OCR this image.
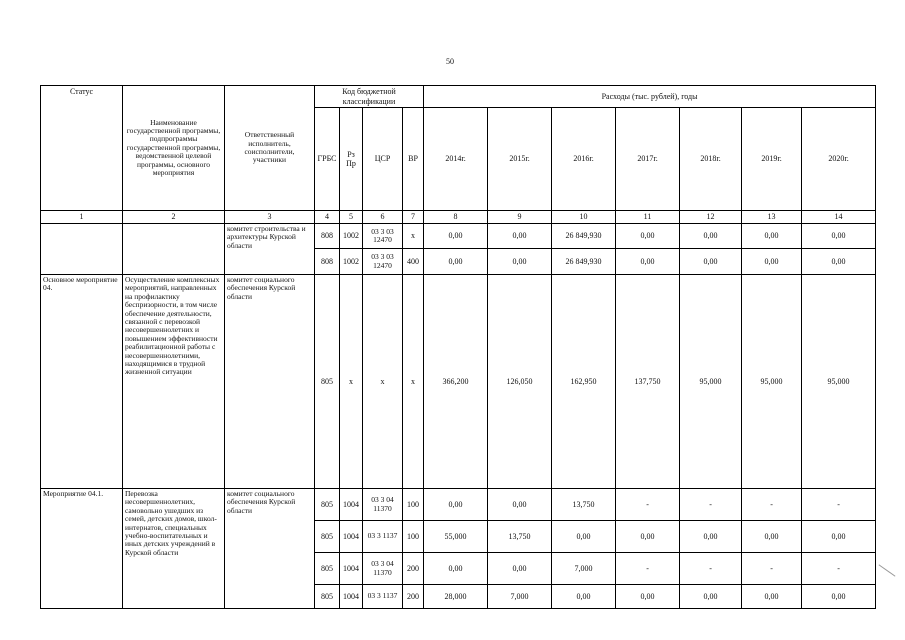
50
Статус	Наименование государственной программы, подпрограммы государственной программы, ведомственной целевой программы, основного мероприятия	Ответственный исполнитель, соисполнители, участники	Код бюджетной классификации				Расходы (тыс. рублей), годы						
			ГРБС	Рз Пр	ЦСР	ВР	2014г.	2015г.	2016г.	2017г.	2018г.	2019г.	2020г.
1	2	3	4	5	6	7	8	9	10	11	12	13	14
		комитет строительства и архитектуры Курской области	808	1002	03 3 03 12470	х	0,00	0,00	26 849,930	0,00	0,00	0,00	0,00
			808	1002	03 3 03 12470	400	0,00	0,00	26 849,930	0,00	0,00	0,00	0,00
Основное мероприятие 04.	Осуществление комплексных мероприятий, направленных на профилактику беспризорности, в том числе обеспечение деятельности, связанной с перевозкой несовершеннолетних и повышением эффективности реабилитационной работы с несовершеннолетними, находящимися в трудной жизненной ситуации	комитет социального обеспечения Курской области	805	х	х	х	366,200	126,050	162,950	137,750	95,000	95,000	95,000
Мероприятие 04.1.	Перевозка несовершеннолетних, самовольно ушедших из семей, детских домов, школ-интернатов, специальных учебно-воспитательных и иных детских учреждений в Курской области	комитет социального обеспечения Курской области	805	1004	03 3 04 11370	100	0,00	0,00	13,750	-	-	-	-
			805	1004	03 3 1137	100	55,000	13,750	0,00	0,00	0,00	0,00	0,00
			805	1004	03 3 04 11370	200	0,00	0,00	7,000	-	-	-	-
			805	1004	03 3 1137	200	28,000	7,000	0,00	0,00	0,00	0,00	0,00
